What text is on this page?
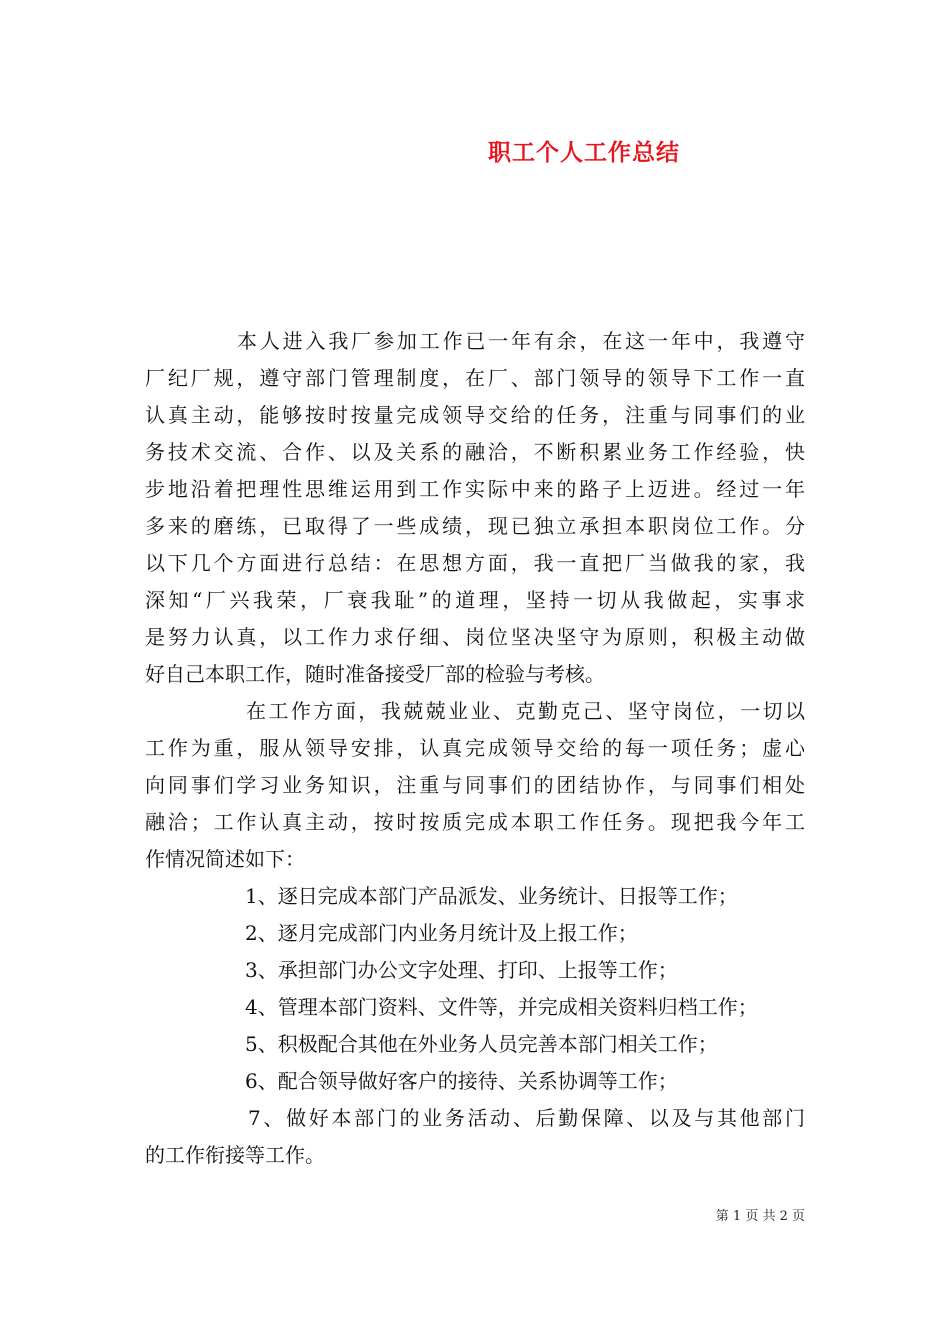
职工个人工作总结
本人进入我厂参加工作已一年有余，在这一年中，我遵守
厂纪厂规，遵守部门管理制度，在厂、部门领导的领导下工作一直
认真主动，能够按时按量完成领导交给的任务，注重与同事们的业
务技术交流、合作、以及关系的融洽，不断积累业务工作经验，快
步地沿着把理性思维运用到工作实际中来的路子上迈进。经过一年
多来的磨练，已取得了一些成绩，现已独立承担本职岗位工作。分
以下几个方面进行总结：在思想方面，我一直把厂当做我的家，我
深知“厂兴我荣，厂衰我耻”的道理，坚持一切从我做起，实事求
是努力认真，以工作力求仔细、岗位坚决坚守为原则，积极主动做
好自己本职工作，随时准备接受厂部的检验与考核。
在工作方面，我兢兢业业、克勤克己、坚守岗位，一切以
工作为重，服从领导安排，认真完成领导交给的每一项任务；虚心
向同事们学习业务知识，注重与同事们的团结协作，与同事们相处
融洽；工作认真主动，按时按质完成本职工作任务。现把我今年工
作情况简述如下：
1、逐日完成本部门产品派发、业务统计、日报等工作；
2、逐月完成部门内业务月统计及上报工作；
3、承担部门办公文字处理、打印、上报等工作；
4、管理本部门资料、文件等，并完成相关资料归档工作；
5、积极配合其他在外业务人员完善本部门相关工作；
6、配合领导做好客户的接待、关系协调等工作；
7、做好本部门的业务活动、后勤保障、以及与其他部门
的工作衔接等工作。
第 1 页 共 2 页
